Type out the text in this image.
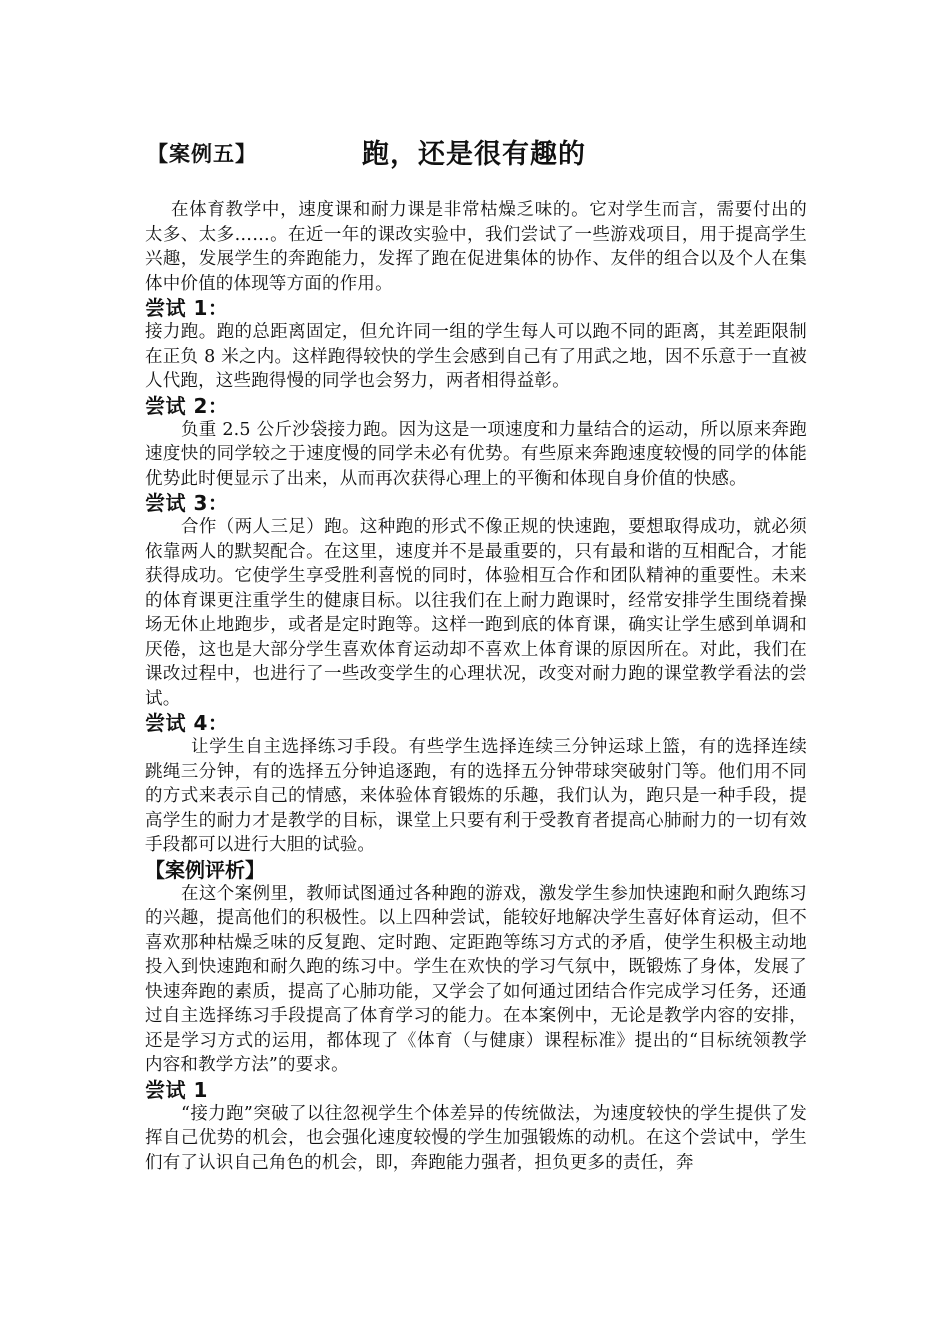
【案例五】	跑，还是很有趣的

在体育教学中，速度课和耐力课是非常枯燥乏味的。它对学生而言，需要付出的太多、太多……。在近一年的课改实验中，我们尝试了一些游戏项目，用于提高学生兴趣，发展学生的奔跑能力，发挥了跑在促进集体的协作、友伴的组合以及个人在集体中价值的体现等方面的作用。

尝试 1：

接力跑。跑的总距离固定，但允许同一组的学生每人可以跑不同的距离，其差距限制在正负 8 米之内。这样跑得较快的学生会感到自己有了用武之地，因不乐意于一直被人代跑，这些跑得慢的同学也会努力，两者相得益彰。

尝试 2：

负重 2.5 公斤沙袋接力跑。因为这是一项速度和力量结合的运动，所以原来奔跑速度快的同学较之于速度慢的同学未必有优势。有些原来奔跑速度较慢的同学的体能优势此时便显示了出来，从而再次获得心理上的平衡和体现自身价值的快感。

尝试 3：

合作（两人三足）跑。这种跑的形式不像正规的快速跑，要想取得成功，就必须依靠两人的默契配合。在这里，速度并不是最重要的，只有最和谐的互相配合，才能获得成功。它使学生享受胜利喜悦的同时，体验相互合作和团队精神的重要性。未来的体育课更注重学生的健康目标。以往我们在上耐力跑课时，经常安排学生围绕着操场无休止地跑步，或者是定时跑等。这样一跑到底的体育课，确实让学生感到单调和厌倦，这也是大部分学生喜欢体育运动却不喜欢上体育课的原因所在。对此，我们在课改过程中，也进行了一些改变学生的心理状况，改变对耐力跑的课堂教学看法的尝试。

尝试 4：

让学生自主选择练习手段。有些学生选择连续三分钟运球上篮，有的选择连续跳绳三分钟，有的选择五分钟追逐跑，有的选择五分钟带球突破射门等。他们用不同的方式来表示自己的情感，来体验体育锻炼的乐趣，我们认为，跑只是一种手段，提高学生的耐力才是教学的目标，课堂上只要有利于受教育者提高心肺耐力的一切有效手段都可以进行大胆的试验。

【案例评析】

在这个案例里，教师试图通过各种跑的游戏，激发学生参加快速跑和耐久跑练习的兴趣，提高他们的积极性。以上四种尝试，能较好地解决学生喜好体育运动，但不喜欢那种枯燥乏味的反复跑、定时跑、定距跑等练习方式的矛盾，使学生积极主动地投入到快速跑和耐久跑的练习中。学生在欢快的学习气氛中，既锻炼了身体，发展了快速奔跑的素质，提高了心肺功能，又学会了如何通过团结合作完成学习任务，还通过自主选择练习手段提高了体育学习的能力。在本案例中，无论是教学内容的安排，还是学习方式的运用，都体现了《体育（与健康）课程标准》提出的“目标统领教学内容和教学方法”的要求。

尝试 1

“接力跑”突破了以往忽视学生个体差异的传统做法，为速度较快的学生提供了发挥自己优势的机会，也会强化速度较慢的学生加强锻炼的动机。在这个尝试中，学生们有了认识自己角色的机会，即，奔跑能力强者，担负更多的责任，奔
